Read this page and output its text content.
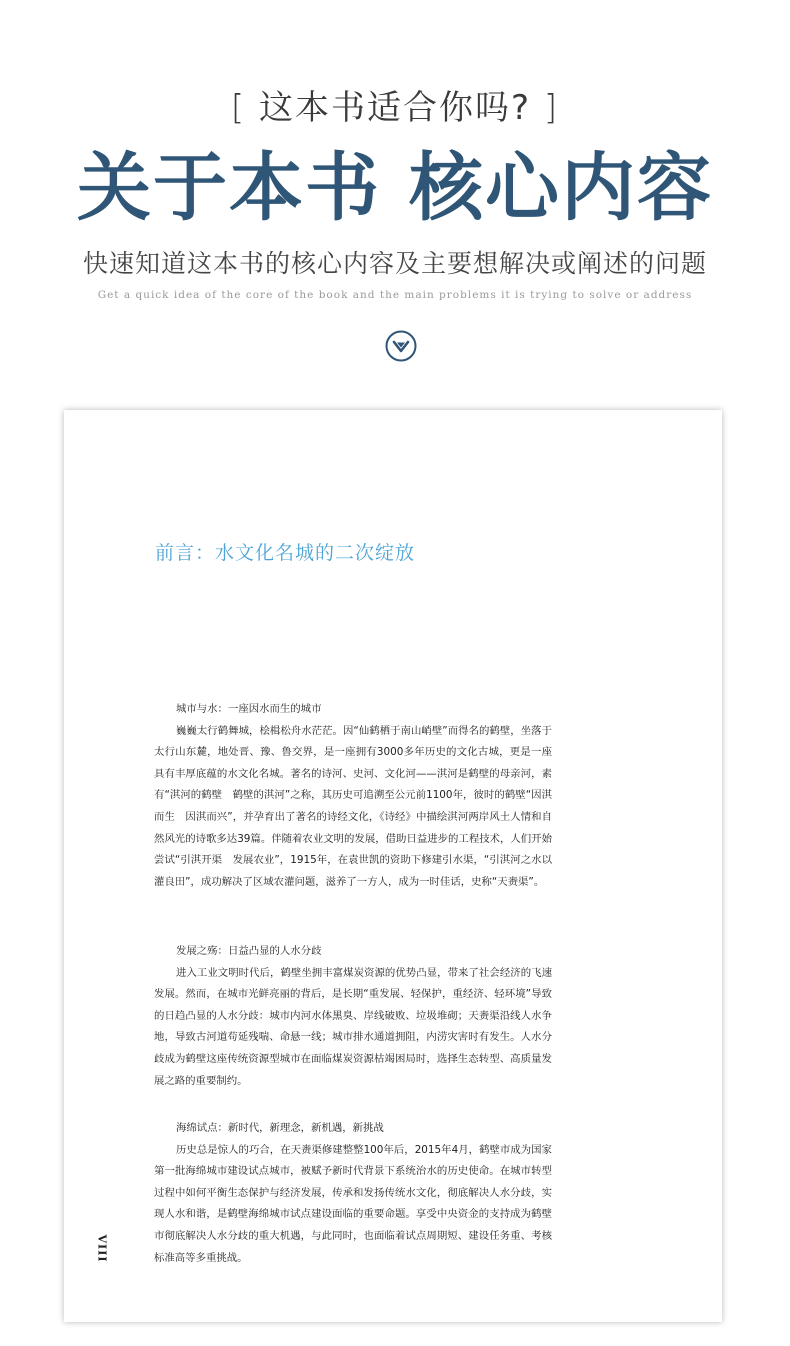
[ 这本书适合你吗? ]
关于本书 核心内容
快速知道这本书的核心内容及主要想解决或阐述的问题
Get a quick idea of the core of the book and the main problems it is trying to solve or address
前言：水文化名城的二次绽放
城市与水：一座因水而生的城市
巍巍太行鹤舞城，桧楫松舟水茫茫。因“仙鹤栖于南山峭壁”而得名的鹤壁，坐落于太行山东麓，地处晋、豫、鲁交界，是一座拥有3000多年历史的文化古城，更是一座具有丰厚底蕴的水文化名城。著名的诗河、史河、文化河——淇河是鹤壁的母亲河，素有“淇河的鹤壁　鹤壁的淇河”之称，其历史可追溯至公元前1100年，彼时的鹤壁“因淇而生　因淇而兴”，并孕育出了著名的诗经文化，《诗经》中描绘淇河两岸风土人情和自然风光的诗歌多达39篇。伴随着农业文明的发展，借助日益进步的工程技术，人们开始尝试“引淇开渠　发展农业”，1915年，在袁世凯的资助下修建引水渠，“引淇河之水以灌良田”，成功解决了区域农灌问题，滋养了一方人，成为一时佳话，史称“天赉渠”。
发展之殇：日益凸显的人水分歧
进入工业文明时代后，鹤壁坐拥丰富煤炭资源的优势凸显，带来了社会经济的飞速发展。然而，在城市光鲜亮丽的背后，是长期“重发展、轻保护，重经济、轻环境”导致的日趋凸显的人水分歧：城市内河水体黑臭、岸线破败、垃圾堆砌；天赉渠沿线人水争地，导致古河道苟延残喘、命悬一线；城市排水通道拥阻，内涝灾害时有发生。人水分歧成为鹤壁这座传统资源型城市在面临煤炭资源枯竭困局时，选择生态转型、高质量发展之路的重要制约。
海绵试点：新时代，新理念，新机遇，新挑战
历史总是惊人的巧合，在天赉渠修建整整100年后，2015年4月，鹤壁市成为国家第一批海绵城市建设试点城市，被赋予新时代背景下系统治水的历史使命。在城市转型过程中如何平衡生态保护与经济发展，传承和发扬传统水文化，彻底解决人水分歧，实现人水和谐，是鹤壁海绵城市试点建设面临的重要命题。享受中央资金的支持成为鹤壁市彻底解决人水分歧的重大机遇，与此同时，也面临着试点周期短、建设任务重、考核标准高等多重挑战。
VIII
